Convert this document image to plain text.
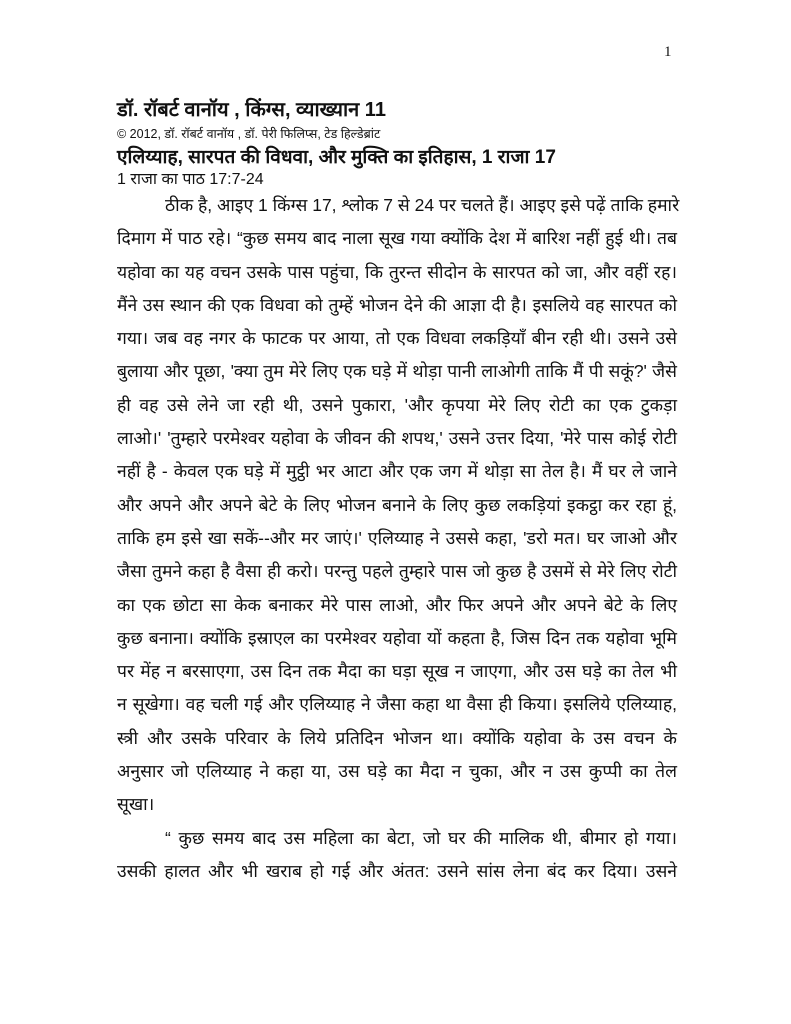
1
डॉ. रॉबर्ट वानॉय , किंग्स, व्याख्यान 11
© 2012, डॉ. रॉबर्ट वानॉय , डॉ. पेरी फिलिप्स, टेड हिल्डेब्रांट
एलिय्याह, सारपत की विधवा, और मुक्ति का इतिहास, 1 राजा 17
1 राजा का पाठ 17:7-24
ठीक है, आइए 1 किंग्स 17, श्लोक 7 से 24 पर चलते हैं। आइए इसे पढ़ें ताकि हमारे
दिमाग में पाठ रहे। “कुछ समय बाद नाला सूख गया क्योंकि देश में बारिश नहीं हुई थी। तब
यहोवा का यह वचन उसके पास पहुंचा, कि तुरन्त सीदोन के सारपत को जा, और वहीं रह।
मैंने उस स्थान की एक विधवा को तुम्हें भोजन देने की आज्ञा दी है। इसलिये वह सारपत को
गया। जब वह नगर के फाटक पर आया, तो एक विधवा लकड़ियाँ बीन रही थी। उसने उसे
बुलाया और पूछा, 'क्या तुम मेरे लिए एक घड़े में थोड़ा पानी लाओगी ताकि मैं पी सकूं?' जैसे
ही वह उसे लेने जा रही थी, उसने पुकारा, 'और कृपया मेरे लिए रोटी का एक टुकड़ा
लाओ।' 'तुम्हारे परमेश्वर यहोवा के जीवन की शपथ,' उसने उत्तर दिया, 'मेरे पास कोई रोटी
नहीं है - केवल एक घड़े में मुट्ठी भर आटा और एक जग में थोड़ा सा तेल है। मैं घर ले जाने
और अपने और अपने बेटे के लिए भोजन बनाने के लिए कुछ लकड़ियां इकट्ठा कर रहा हूं,
ताकि हम इसे खा सकें--और मर जाएं।' एलिय्याह ने उससे कहा, 'डरो मत। घर जाओ और
जैसा तुमने कहा है वैसा ही करो। परन्तु पहले तुम्हारे पास जो कुछ है उसमें से मेरे लिए रोटी
का एक छोटा सा केक बनाकर मेरे पास लाओ, और फिर अपने और अपने बेटे के लिए
कुछ बनाना। क्योंकि इस्राएल का परमेश्वर यहोवा यों कहता है, जिस दिन तक यहोवा भूमि
पर मेंह न बरसाएगा, उस दिन तक मैदा का घड़ा सूख न जाएगा, और उस घड़े का तेल भी
न सूखेगा। वह चली गई और एलिय्याह ने जैसा कहा था वैसा ही किया। इसलिये एलिय्याह,
स्त्री और उसके परिवार के लिये प्रतिदिन भोजन था। क्योंकि यहोवा के उस वचन के
अनुसार जो एलिय्याह ने कहा या, उस घड़े का मैदा न चुका, और न उस कुप्पी का तेल
सूखा।
“ कुछ समय बाद उस महिला का बेटा, जो घर की मालिक थी, बीमार हो गया।
उसकी हालत और भी खराब हो गई और अंतत: उसने सांस लेना बंद कर दिया। उसने
